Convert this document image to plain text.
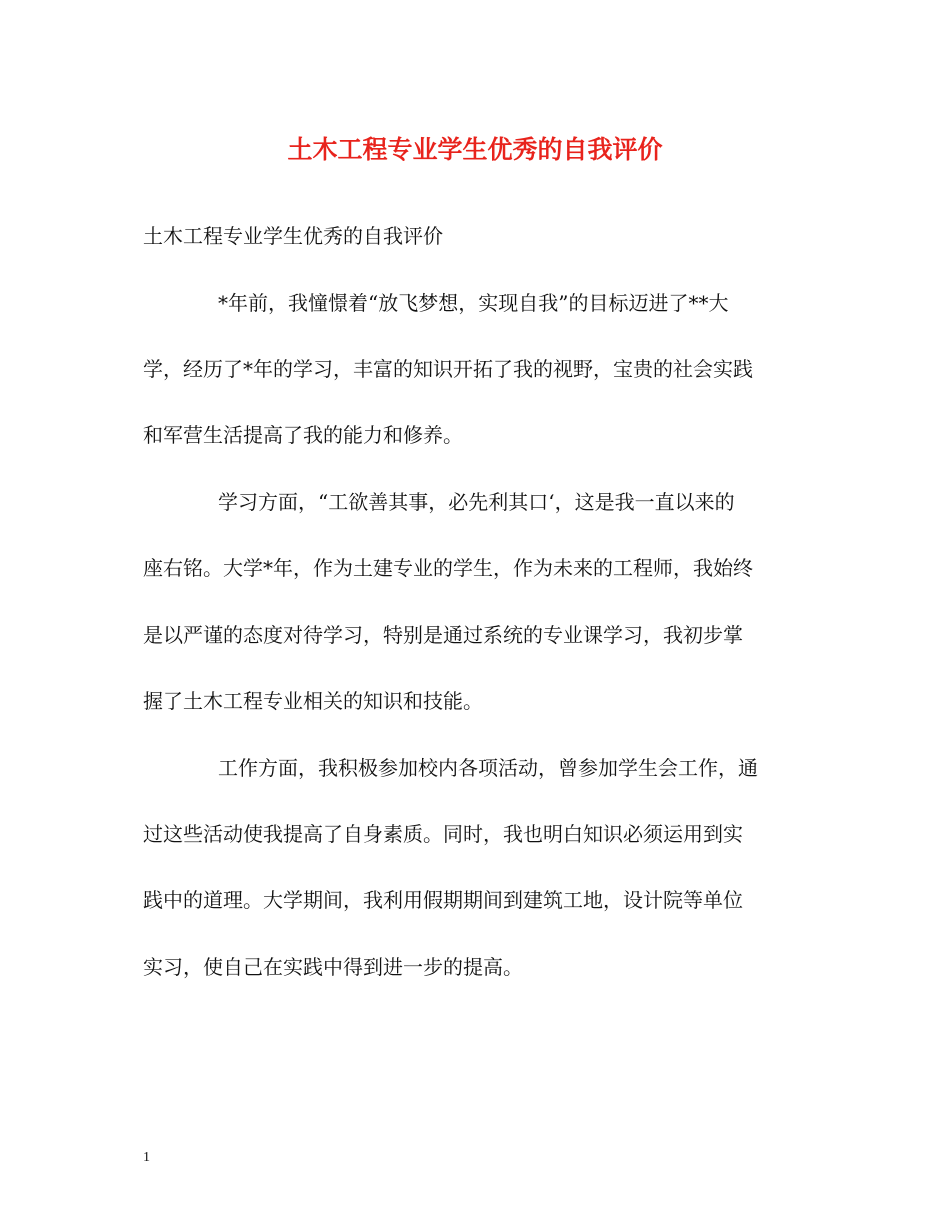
土木工程专业学生优秀的自我评价

土木工程专业学生优秀的自我评价

*年前，我憧憬着“放飞梦想，实现自我”的目标迈进了**大

学，经历了*年的学习，丰富的知识开拓了我的视野，宝贵的社会实践

和军营生活提高了我的能力和修养。

学习方面，“工欲善其事，必先利其口‘，这是我一直以来的

座右铭。大学*年，作为土建专业的学生，作为未来的工程师，我始终

是以严谨的态度对待学习，特别是通过系统的专业课学习，我初步掌

握了土木工程专业相关的知识和技能。

工作方面，我积极参加校内各项活动，曾参加学生会工作，通

过这些活动使我提高了自身素质。同时，我也明白知识必须运用到实

践中的道理。大学期间，我利用假期期间到建筑工地，设计院等单位

实习，使自己在实践中得到进一步的提高。

1
